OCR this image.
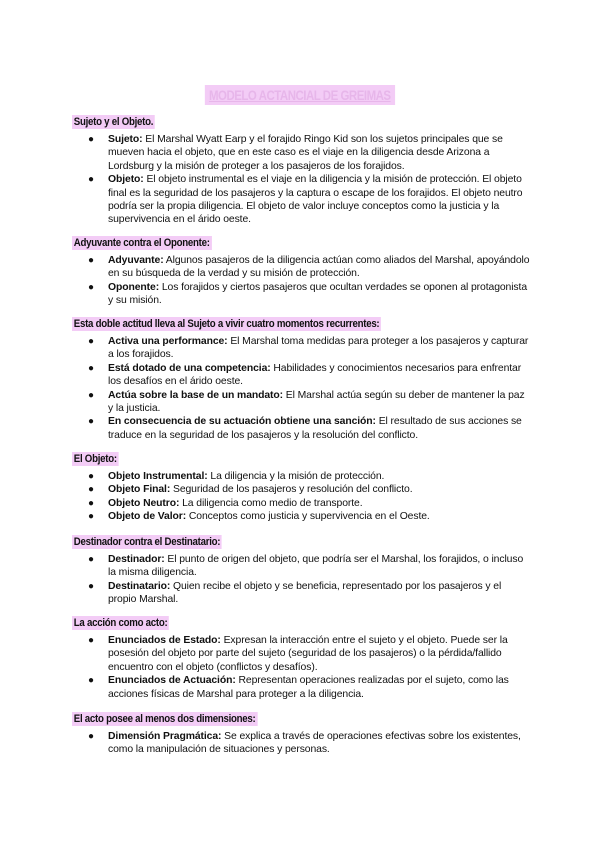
MODELO ACTANCIAL DE GREIMAS
Sujeto y el Objeto.
● Sujeto: El Marshal Wyatt Earp y el forajido Ringo Kid son los sujetos principales que se mueven hacia el objeto, que en este caso es el viaje en la diligencia desde Arizona a Lordsburg y la misión de proteger a los pasajeros de los forajidos.
● Objeto: El objeto instrumental es el viaje en la diligencia y la misión de protección. El objeto final es la seguridad de los pasajeros y la captura o escape de los forajidos. El objeto neutro podría ser la propia diligencia. El objeto de valor incluye conceptos como la justicia y la supervivencia en el árido oeste.
Adyuvante contra el Oponente:
● Adyuvante: Algunos pasajeros de la diligencia actúan como aliados del Marshal, apoyándolo en su búsqueda de la verdad y su misión de protección.
● Oponente: Los forajidos y ciertos pasajeros que ocultan verdades se oponen al protagonista y su misión.
Esta doble actitud lleva al Sujeto a vivir cuatro momentos recurrentes:
● Activa una performance: El Marshal toma medidas para proteger a los pasajeros y capturar a los forajidos.
● Está dotado de una competencia: Habilidades y conocimientos necesarios para enfrentar los desafíos en el árido oeste.
● Actúa sobre la base de un mandato: El Marshal actúa según su deber de mantener la paz y la justicia.
● En consecuencia de su actuación obtiene una sanción: El resultado de sus acciones se traduce en la seguridad de los pasajeros y la resolución del conflicto.
El Objeto:
● Objeto Instrumental: La diligencia y la misión de protección.
● Objeto Final: Seguridad de los pasajeros y resolución del conflicto.
● Objeto Neutro: La diligencia como medio de transporte.
● Objeto de Valor: Conceptos como justicia y supervivencia en el Oeste.
Destinador contra el Destinatario:
● Destinador: El punto de origen del objeto, que podría ser el Marshal, los forajidos, o incluso la misma diligencia.
● Destinatario: Quien recibe el objeto y se beneficia, representado por los pasajeros y el propio Marshal.
La acción como acto:
● Enunciados de Estado: Expresan la interacción entre el sujeto y el objeto. Puede ser la posesión del objeto por parte del sujeto (seguridad de los pasajeros) o la pérdida/fallido encuentro con el objeto (conflictos y desafíos).
● Enunciados de Actuación: Representan operaciones realizadas por el sujeto, como las acciones físicas de Marshal para proteger a la diligencia.
El acto posee al menos dos dimensiones:
● Dimensión Pragmática: Se explica a través de operaciones efectivas sobre los existentes, como la manipulación de situaciones y personas.
